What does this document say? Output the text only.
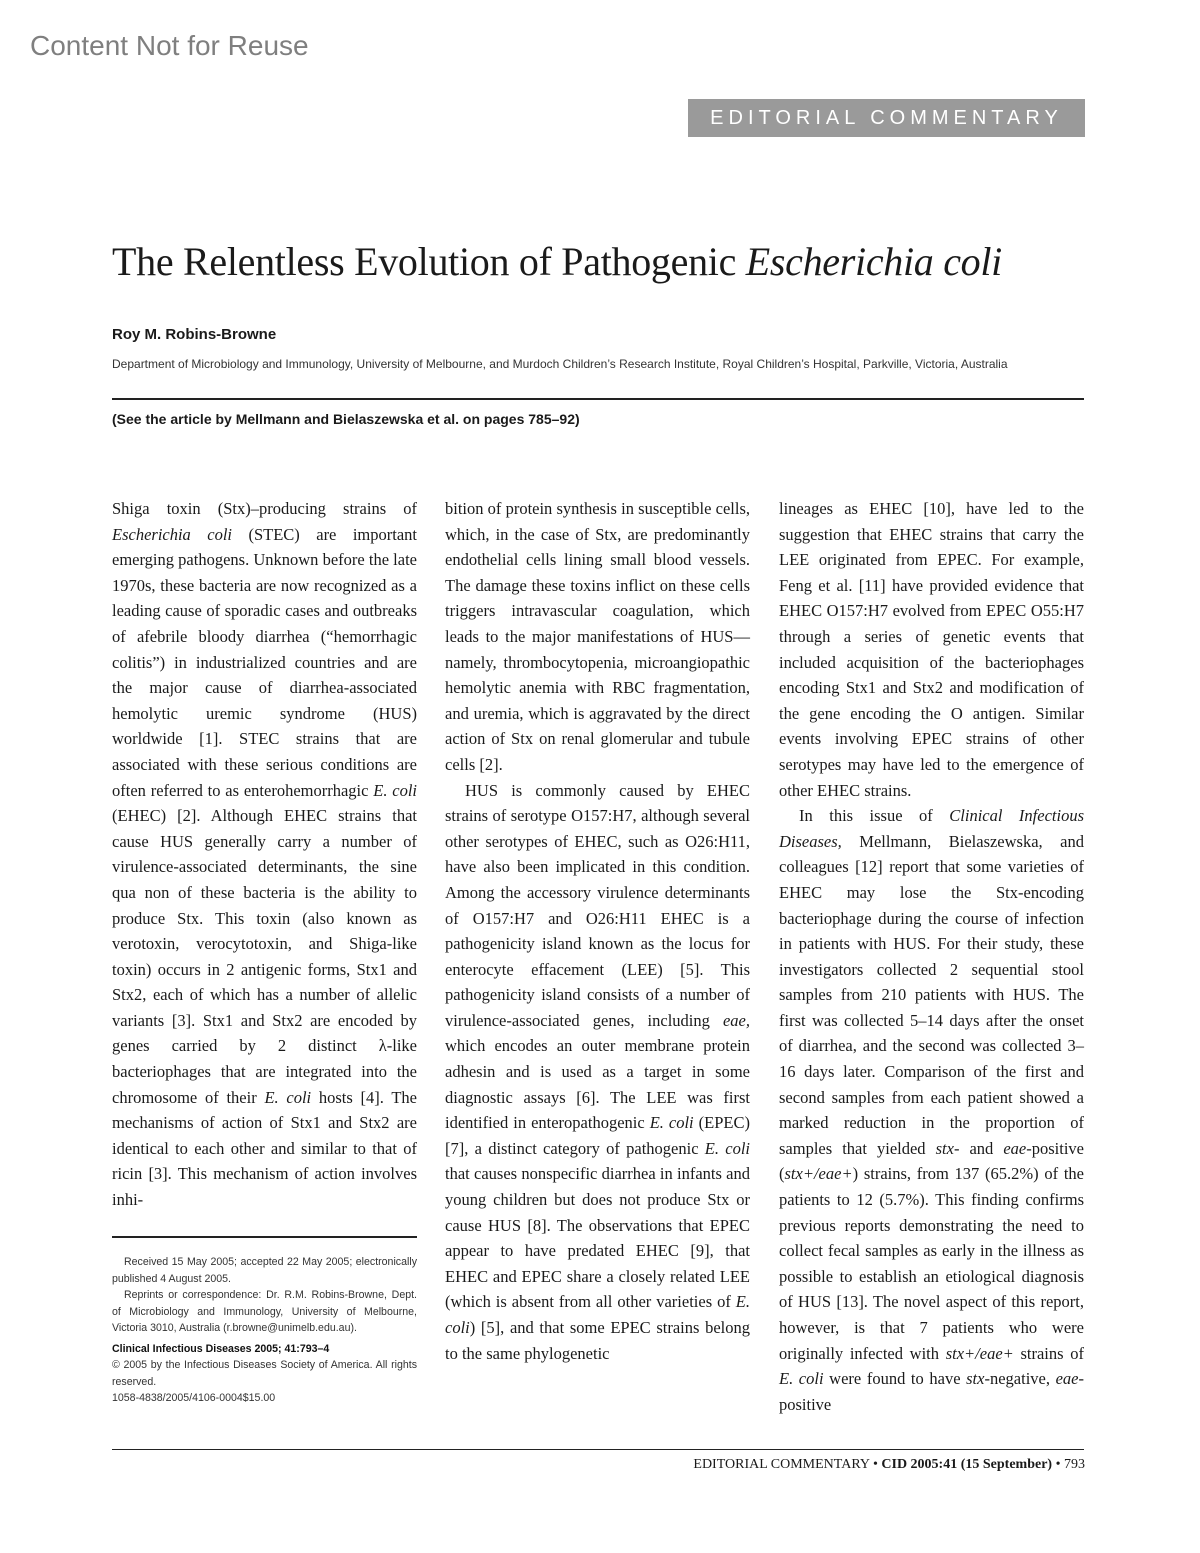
Content Not for Reuse
EDITORIAL COMMENTARY
The Relentless Evolution of Pathogenic Escherichia coli
Roy M. Robins-Browne
Department of Microbiology and Immunology, University of Melbourne, and Murdoch Children’s Research Institute, Royal Children’s Hospital, Parkville, Victoria, Australia
(See the article by Mellmann and Bielaszewska et al. on pages 785–92)

Shiga toxin (Stx)–producing strains of Escherichia coli (STEC) are important emerging pathogens. Unknown before the late 1970s, these bacteria are now recognized as a leading cause of sporadic cases and outbreaks of afebrile bloody diarrhea (“hemorrhagic colitis”) in industrialized countries and are the major cause of diarrhea-associated hemolytic uremic syndrome (HUS) worldwide [1]. STEC strains that are associated with these serious conditions are often referred to as enterohemorrhagic E. coli (EHEC) [2]. Although EHEC strains that cause HUS generally carry a number of virulence-associated determinants, the sine qua non of these bacteria is the ability to produce Stx. This toxin (also known as verotoxin, verocytotoxin, and Shiga-like toxin) occurs in 2 antigenic forms, Stx1 and Stx2, each of which has a number of allelic variants [3]. Stx1 and Stx2 are encoded by genes carried by 2 distinct λ-like bacteriophages that are integrated into the chromosome of their E. coli hosts [4]. The mechanisms of action of Stx1 and Stx2 are identical to each other and similar to that of ricin [3]. This mechanism of action involves inhi-

Received 15 May 2005; accepted 22 May 2005; electronically published 4 August 2005.

Reprints or correspondence: Dr. R.M. Robins-Browne, Dept. of Microbiology and Immunology, University of Melbourne, Victoria 3010, Australia (r.browne@unimelb.edu.au).

Clinical Infectious Diseases 2005; 41:793–4

© 2005 by the Infectious Diseases Society of America. All rights reserved.

1058-4838/2005/4106-0004$15.00

bition of protein synthesis in susceptible cells, which, in the case of Stx, are predominantly endothelial cells lining small blood vessels. The damage these toxins inflict on these cells triggers intravascular coagulation, which leads to the major manifestations of HUS—namely, thrombocytopenia, microangiopathic hemolytic anemia with RBC fragmentation, and uremia, which is aggravated by the direct action of Stx on renal glomerular and tubule cells [2].

HUS is commonly caused by EHEC strains of serotype O157:H7, although several other serotypes of EHEC, such as O26:H11, have also been implicated in this condition. Among the accessory virulence determinants of O157:H7 and O26:H11 EHEC is a pathogenicity island known as the locus for enterocyte effacement (LEE) [5]. This pathogenicity island consists of a number of virulence-associated genes, including eae, which encodes an outer membrane protein adhesin and is used as a target in some diagnostic assays [6]. The LEE was first identified in enteropathogenic E. coli (EPEC) [7], a distinct category of pathogenic E. coli that causes nonspecific diarrhea in infants and young children but does not produce Stx or cause HUS [8]. The observations that EPEC appear to have predated EHEC [9], that EHEC and EPEC share a closely related LEE (which is absent from all other varieties of E. coli) [5], and that some EPEC strains belong to the same phylogenetic

lineages as EHEC [10], have led to the suggestion that EHEC strains that carry the LEE originated from EPEC. For example, Feng et al. [11] have provided evidence that EHEC O157:H7 evolved from EPEC O55:H7 through a series of genetic events that included acquisition of the bacteriophages encoding Stx1 and Stx2 and modification of the gene encoding the O antigen. Similar events involving EPEC strains of other serotypes may have led to the emergence of other EHEC strains.

In this issue of Clinical Infectious Diseases, Mellmann, Bielaszewska, and colleagues [12] report that some varieties of EHEC may lose the Stx-encoding bacteriophage during the course of infection in patients with HUS. For their study, these investigators collected 2 sequential stool samples from 210 patients with HUS. The first was collected 5–14 days after the onset of diarrhea, and the second was collected 3–16 days later. Comparison of the first and second samples from each patient showed a marked reduction in the proportion of samples that yielded stx- and eae-positive (stx+/eae+) strains, from 137 (65.2%) of the patients to 12 (5.7%). This finding confirms previous reports demonstrating the need to collect fecal samples as early in the illness as possible to establish an etiological diagnosis of HUS [13]. The novel aspect of this report, however, is that 7 patients who were originally infected with stx+/eae+ strains of E. coli were found to have stx-negative, eae-positive

EDITORIAL COMMENTARY • CID 2005:41 (15 September) • 793
